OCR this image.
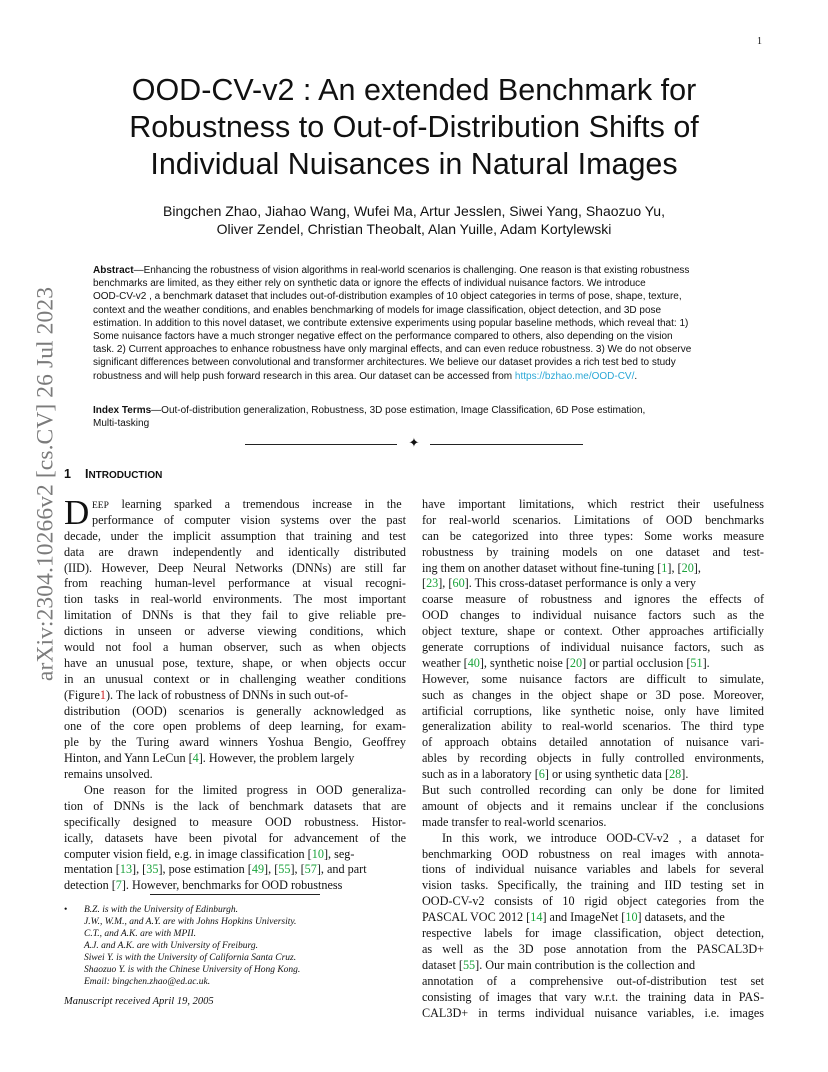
1
arXiv:2304.10266v2 [cs.CV] 26 Jul 2023
OOD-CV-v2 : An extended Benchmark for
Robustness to Out-of-Distribution Shifts of
Individual Nuisances in Natural Images
Bingchen Zhao, Jiahao Wang, Wufei Ma, Artur Jesslen, Siwei Yang, Shaozuo Yu,
Oliver Zendel, Christian Theobalt, Alan Yuille, Adam Kortylewski
Abstract—Enhancing the robustness of vision algorithms in real-world scenarios is challenging. One reason is that existing robustness
benchmarks are limited, as they either rely on synthetic data or ignore the effects of individual nuisance factors. We introduce
OOD-CV-v2 , a benchmark dataset that includes out-of-distribution examples of 10 object categories in terms of pose, shape, texture,
context and the weather conditions, and enables benchmarking of models for image classification, object detection, and 3D pose
estimation. In addition to this novel dataset, we contribute extensive experiments using popular baseline methods, which reveal that: 1)
Some nuisance factors have a much stronger negative effect on the performance compared to others, also depending on the vision
task. 2) Current approaches to enhance robustness have only marginal effects, and can even reduce robustness. 3) We do not observe
significant differences between convolutional and transformer architectures. We believe our dataset provides a rich test bed to study
robustness and will help push forward research in this area. Our dataset can be accessed from https://bzhao.me/OOD-CV/.
Index Terms—Out-of-distribution generalization, Robustness, 3D pose estimation, Image Classification, 6D Pose estimation,
Multi-tasking
✦
1 INTRODUCTION
D EEP learning sparked a tremendous increase in the
performance of computer vision systems over the past
decade, under the implicit assumption that training and test
data are drawn independently and identically distributed
(IID). However, Deep Neural Networks (DNNs) are still far
from reaching human-level performance at visual recogni-
tion tasks in real-world environments. The most important
limitation of DNNs is that they fail to give reliable pre-
dictions in unseen or adverse viewing conditions, which
would not fool a human observer, such as when objects
have an unusual pose, texture, shape, or when objects occur
in an unusual context or in challenging weather conditions
(Figure 1 ). The lack of robustness of DNNs in such out-of-
distribution (OOD) scenarios is generally acknowledged as
one of the core open problems of deep learning, for exam-
ple by the Turing award winners Yoshua Bengio, Geoffrey
Hinton, and Yann LeCun [ 4 ]. However, the problem largely
remains unsolved.
One reason for the limited progress in OOD generaliza-
tion of DNNs is the lack of benchmark datasets that are
specifically designed to measure OOD robustness. Histor-
ically, datasets have been pivotal for advancement of the
computer vision field, e.g. in image classification [ 10 ], seg-
mentation [ 13 ], [ 35 ], pose estimation [ 49 ], [ 55 ], [ 57 ], and part
detection [ 7 ]. However, benchmarks for OOD robustness
have important limitations, which restrict their usefulness
for real-world scenarios. Limitations of OOD benchmarks
can be categorized into three types: Some works measure
robustness by training models on one dataset and test-
ing them on another dataset without fine-tuning [ 1 ], [ 20 ],
[ 23 ], [ 60 ]. This cross-dataset performance is only a very
coarse measure of robustness and ignores the effects of
OOD changes to individual nuisance factors such as the
object texture, shape or context. Other approaches artificially
generate corruptions of individual nuisance factors, such as
weather [ 40 ], synthetic noise [ 20 ] or partial occlusion [ 51 ].
However, some nuisance factors are difficult to simulate,
such as changes in the object shape or 3D pose. Moreover,
artificial corruptions, like synthetic noise, only have limited
generalization ability to real-world scenarios. The third type
of approach obtains detailed annotation of nuisance vari-
ables by recording objects in fully controlled environments,
such as in a laboratory [ 6 ] or using synthetic data [ 28 ].
But such controlled recording can only be done for limited
amount of objects and it remains unclear if the conclusions
made transfer to real-world scenarios.
In this work, we introduce OOD-CV-v2 , a dataset for
benchmarking OOD robustness on real images with annota-
tions of individual nuisance variables and labels for several
vision tasks. Specifically, the training and IID testing set in
OOD-CV-v2 consists of 10 rigid object categories from the
PASCAL VOC 2012 [ 14 ] and ImageNet [ 10 ] datasets, and the
respective labels for image classification, object detection,
as well as the 3D pose annotation from the PASCAL3D+
dataset [ 55 ]. Our main contribution is the collection and
annotation of a comprehensive out-of-distribution test set
consisting of images that vary w.r.t. the training data in PAS-
CAL3D+ in terms individual nuisance variables, i.e. images
• B.Z. is with the University of Edinburgh.
J.W., W.M., and A.Y. are with Johns Hopkins University.
C.T., and A.K. are with MPII.
A.J. and A.K. are with University of Freiburg.
Siwei Y. is with the University of California Santa Cruz.
Shaozuo Y. is with the Chinese University of Hong Kong.
Email: bingchen.zhao@ed.ac.uk.
Manuscript received April 19, 2005
